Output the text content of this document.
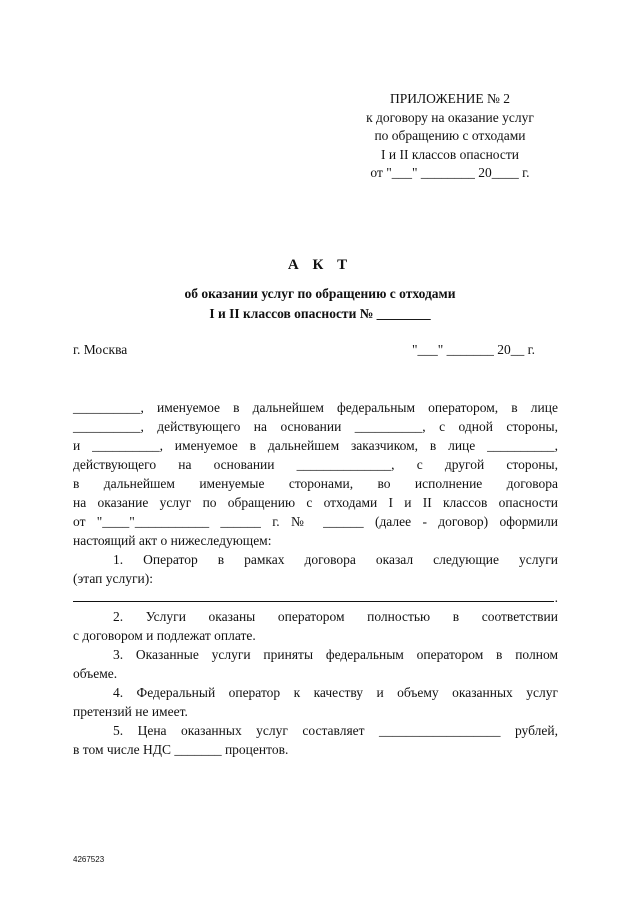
ПРИЛОЖЕНИЕ № 2
к договору на оказание услуг
по обращению с отходами
I и II классов опасности
от "___" ________ 20____ г.
А К Т
об оказании услуг по обращению с отходами
I и II классов опасности № ________
г. Москва	"___" _______ 20__ г.
__________, именуемое в дальнейшем федеральным оператором, в лице
__________, действующего на основании __________, с одной стороны,
и __________, именуемое в дальнейшем заказчиком, в лице __________,
действующего на основании ______________, с другой стороны,
в дальнейшем именуемые сторонами, во исполнение договора
на оказание услуг по обращению с отходами I и II классов опасности
от "____"___________ ______ г. № ______ (далее - договор) оформили
настоящий акт о нижеследующем:
1. Оператор в рамках договора оказал следующие услуги
(этап услуги):
.
2. Услуги оказаны оператором полностью в соответствии
с договором и подлежат оплате.
3. Оказанные услуги приняты федеральным оператором в полном
объеме.
4. Федеральный оператор к качеству и объему оказанных услуг
претензий не имеет.
5. Цена оказанных услуг составляет __________________ рублей,
в том числе НДС _______ процентов.
4267523
